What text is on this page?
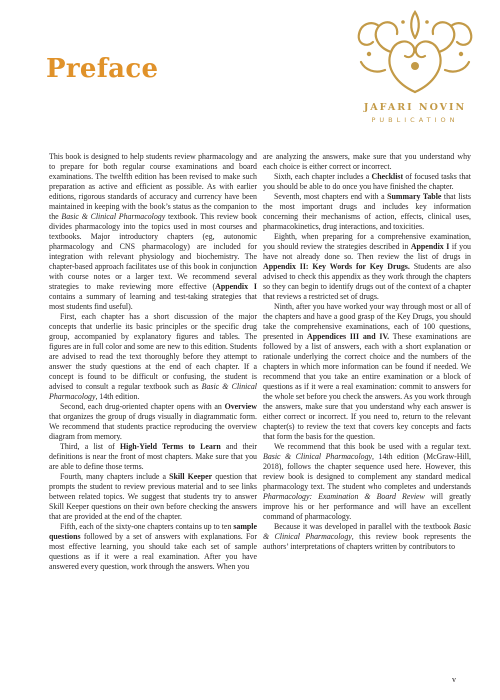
JAFARI NOVIN
PUBLICATION
Preface

This book is designed to help students review pharmacology and to prepare for both regular course examinations and board examinations. The twelfth edition has been revised to make such preparation as active and efficient as possible. As with earlier editions, rigorous standards of accuracy and currency have been maintained in keeping with the book’s status as the companion to the Basic & Clinical Pharmacology textbook. This review book divides pharmacology into the topics used in most courses and textbooks. Major introductory chapters (eg, autonomic pharmacology and CNS pharmacology) are included for integration with relevant physiology and biochemistry. The chapter-based approach facilitates use of this book in conjunction with course notes or a larger text. We recommend several strategies to make reviewing more effective (Appendix I contains a summary of learning and test-taking strategies that most students find useful).

First, each chapter has a short discussion of the major concepts that underlie its basic principles or the specific drug group, accompanied by explanatory figures and tables. The figures are in full color and some are new to this edition. Students are advised to read the text thoroughly before they attempt to answer the study questions at the end of each chapter. If a concept is found to be difficult or confusing, the student is advised to consult a regular textbook such as Basic & Clinical Pharmacology, 14th edition.

Second, each drug-oriented chapter opens with an Overview that organizes the group of drugs visually in diagrammatic form. We recommend that students practice reproducing the overview diagram from memory.

Third, a list of High-Yield Terms to Learn and their definitions is near the front of most chapters. Make sure that you are able to define those terms.

Fourth, many chapters include a Skill Keeper question that prompts the student to review previous material and to see links between related topics. We suggest that students try to answer Skill Keeper questions on their own before checking the answers that are provided at the end of the chapter.

Fifth, each of the sixty-one chapters contains up to ten sample questions followed by a set of answers with explanations. For most effective learning, you should take each set of sample questions as if it were a real examination. After you have answered every question, work through the answers. When you

are analyzing the answers, make sure that you understand why each choice is either correct or incorrect.

Sixth, each chapter includes a Checklist of focused tasks that you should be able to do once you have finished the chapter.

Seventh, most chapters end with a Summary Table that lists the most important drugs and includes key information concerning their mechanisms of action, effects, clinical uses, pharmacokinetics, drug interactions, and toxicities.

Eighth, when preparing for a comprehensive examination, you should review the strategies described in Appendix I if you have not already done so. Then review the list of drugs in Appendix II: Key Words for Key Drugs. Students are also advised to check this appendix as they work through the chapters so they can begin to identify drugs out of the context of a chapter that reviews a restricted set of drugs.

Ninth, after you have worked your way through most or all of the chapters and have a good grasp of the Key Drugs, you should take the comprehensive examinations, each of 100 questions, presented in Appendices III and IV. These examinations are followed by a list of answers, each with a short explanation or rationale underlying the correct choice and the numbers of the chapters in which more information can be found if needed. We recommend that you take an entire examination or a block of questions as if it were a real examination: commit to answers for the whole set before you check the answers. As you work through the answers, make sure that you understand why each answer is either correct or incorrect. If you need to, return to the relevant chapter(s) to review the text that covers key concepts and facts that form the basis for the question.

We recommend that this book be used with a regular text. Basic & Clinical Pharmacology, 14th edition (McGraw-Hill, 2018), follows the chapter sequence used here. However, this review book is designed to complement any standard medical pharmacology text. The student who completes and understands Pharmacology: Examination & Board Review will greatly improve his or her performance and will have an excellent command of pharmacology.

Because it was developed in parallel with the textbook Basic & Clinical Pharmacology, this review book represents the authors’ interpretations of chapters written by contributors to

v
